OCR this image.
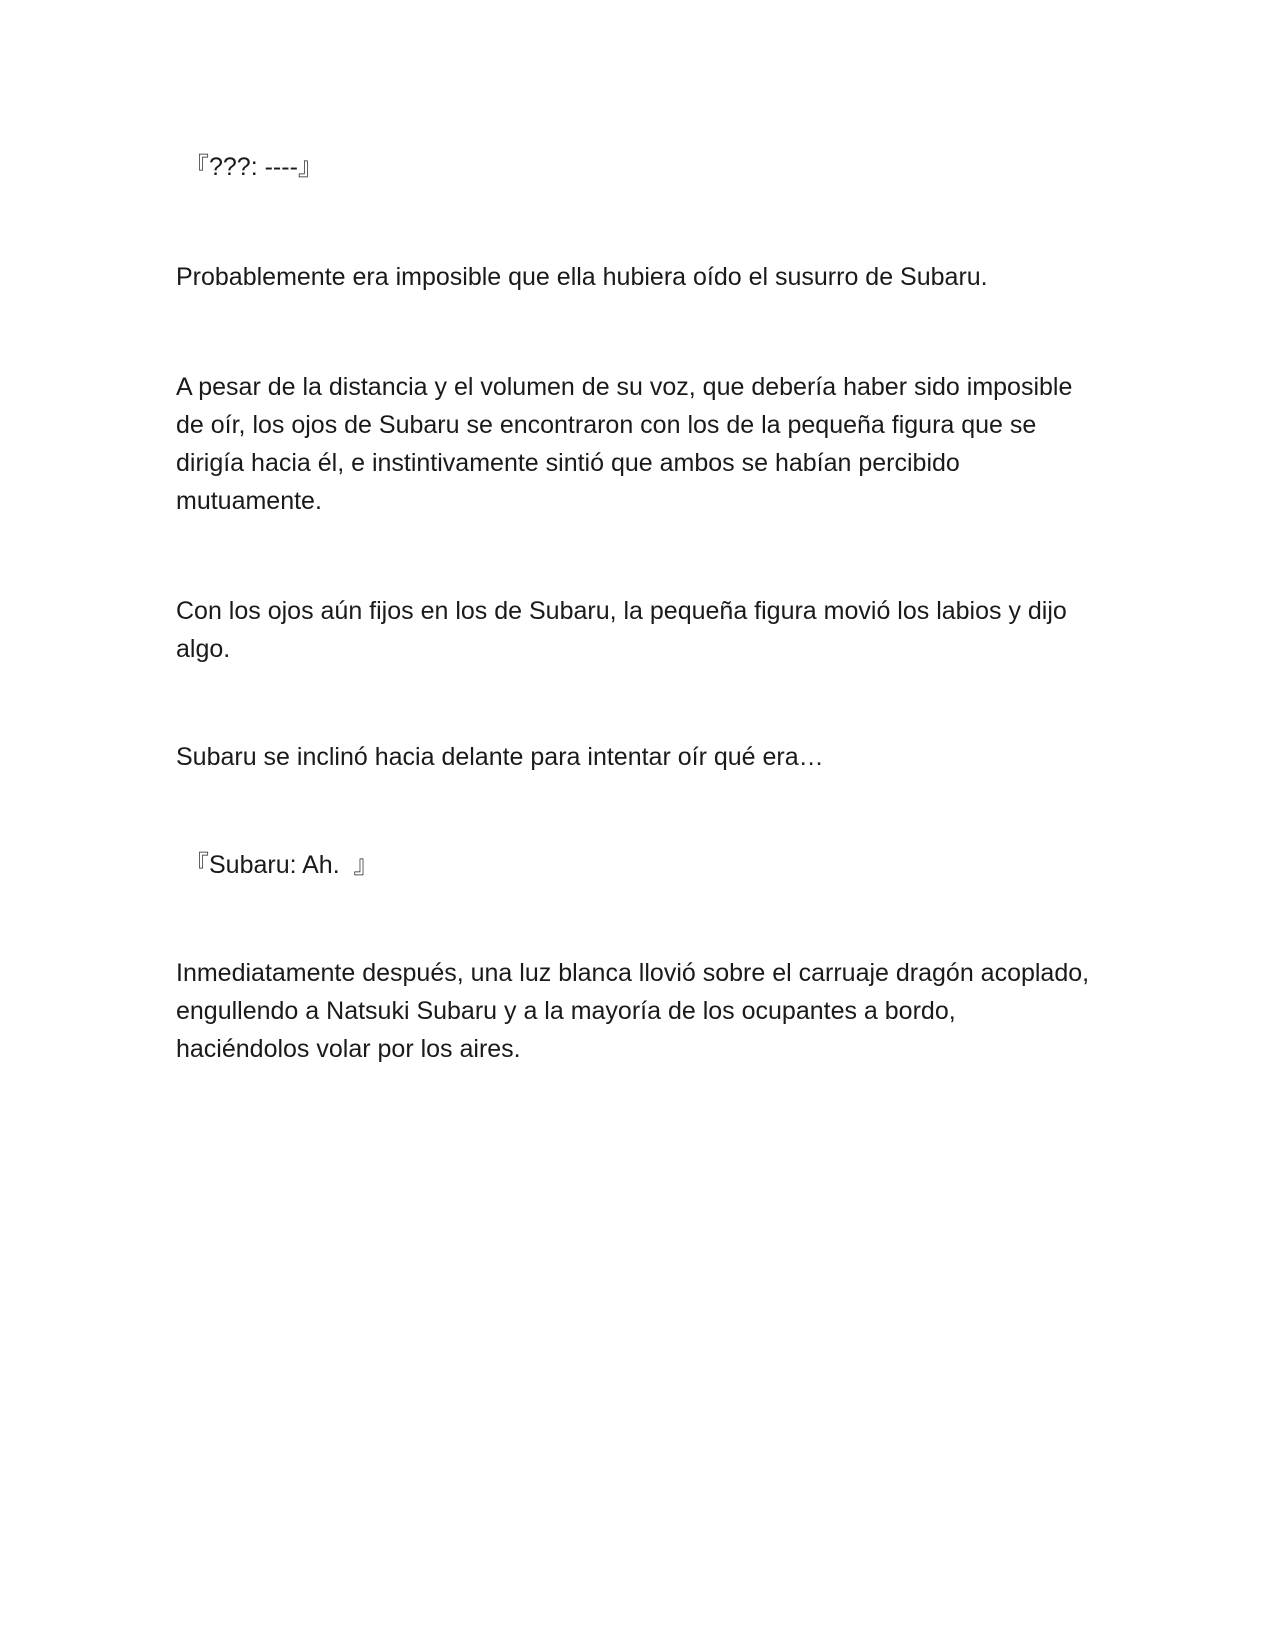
『???: ----』

Probablemente era imposible que ella hubiera oído el susurro de Subaru.

A pesar de la distancia y el volumen de su voz, que debería haber sido imposible de oír, los ojos de Subaru se encontraron con los de la pequeña figura que se dirigía hacia él, e instintivamente sintió que ambos se habían percibido mutuamente.

Con los ojos aún fijos en los de Subaru, la pequeña figura movió los labios y dijo algo.

Subaru se inclinó hacia delante para intentar oír qué era…

『Subaru: Ah.  』

Inmediatamente después, una luz blanca llovió sobre el carruaje dragón acoplado, engullendo a Natsuki Subaru y a la mayoría de los ocupantes a bordo, haciéndolos volar por los aires.
